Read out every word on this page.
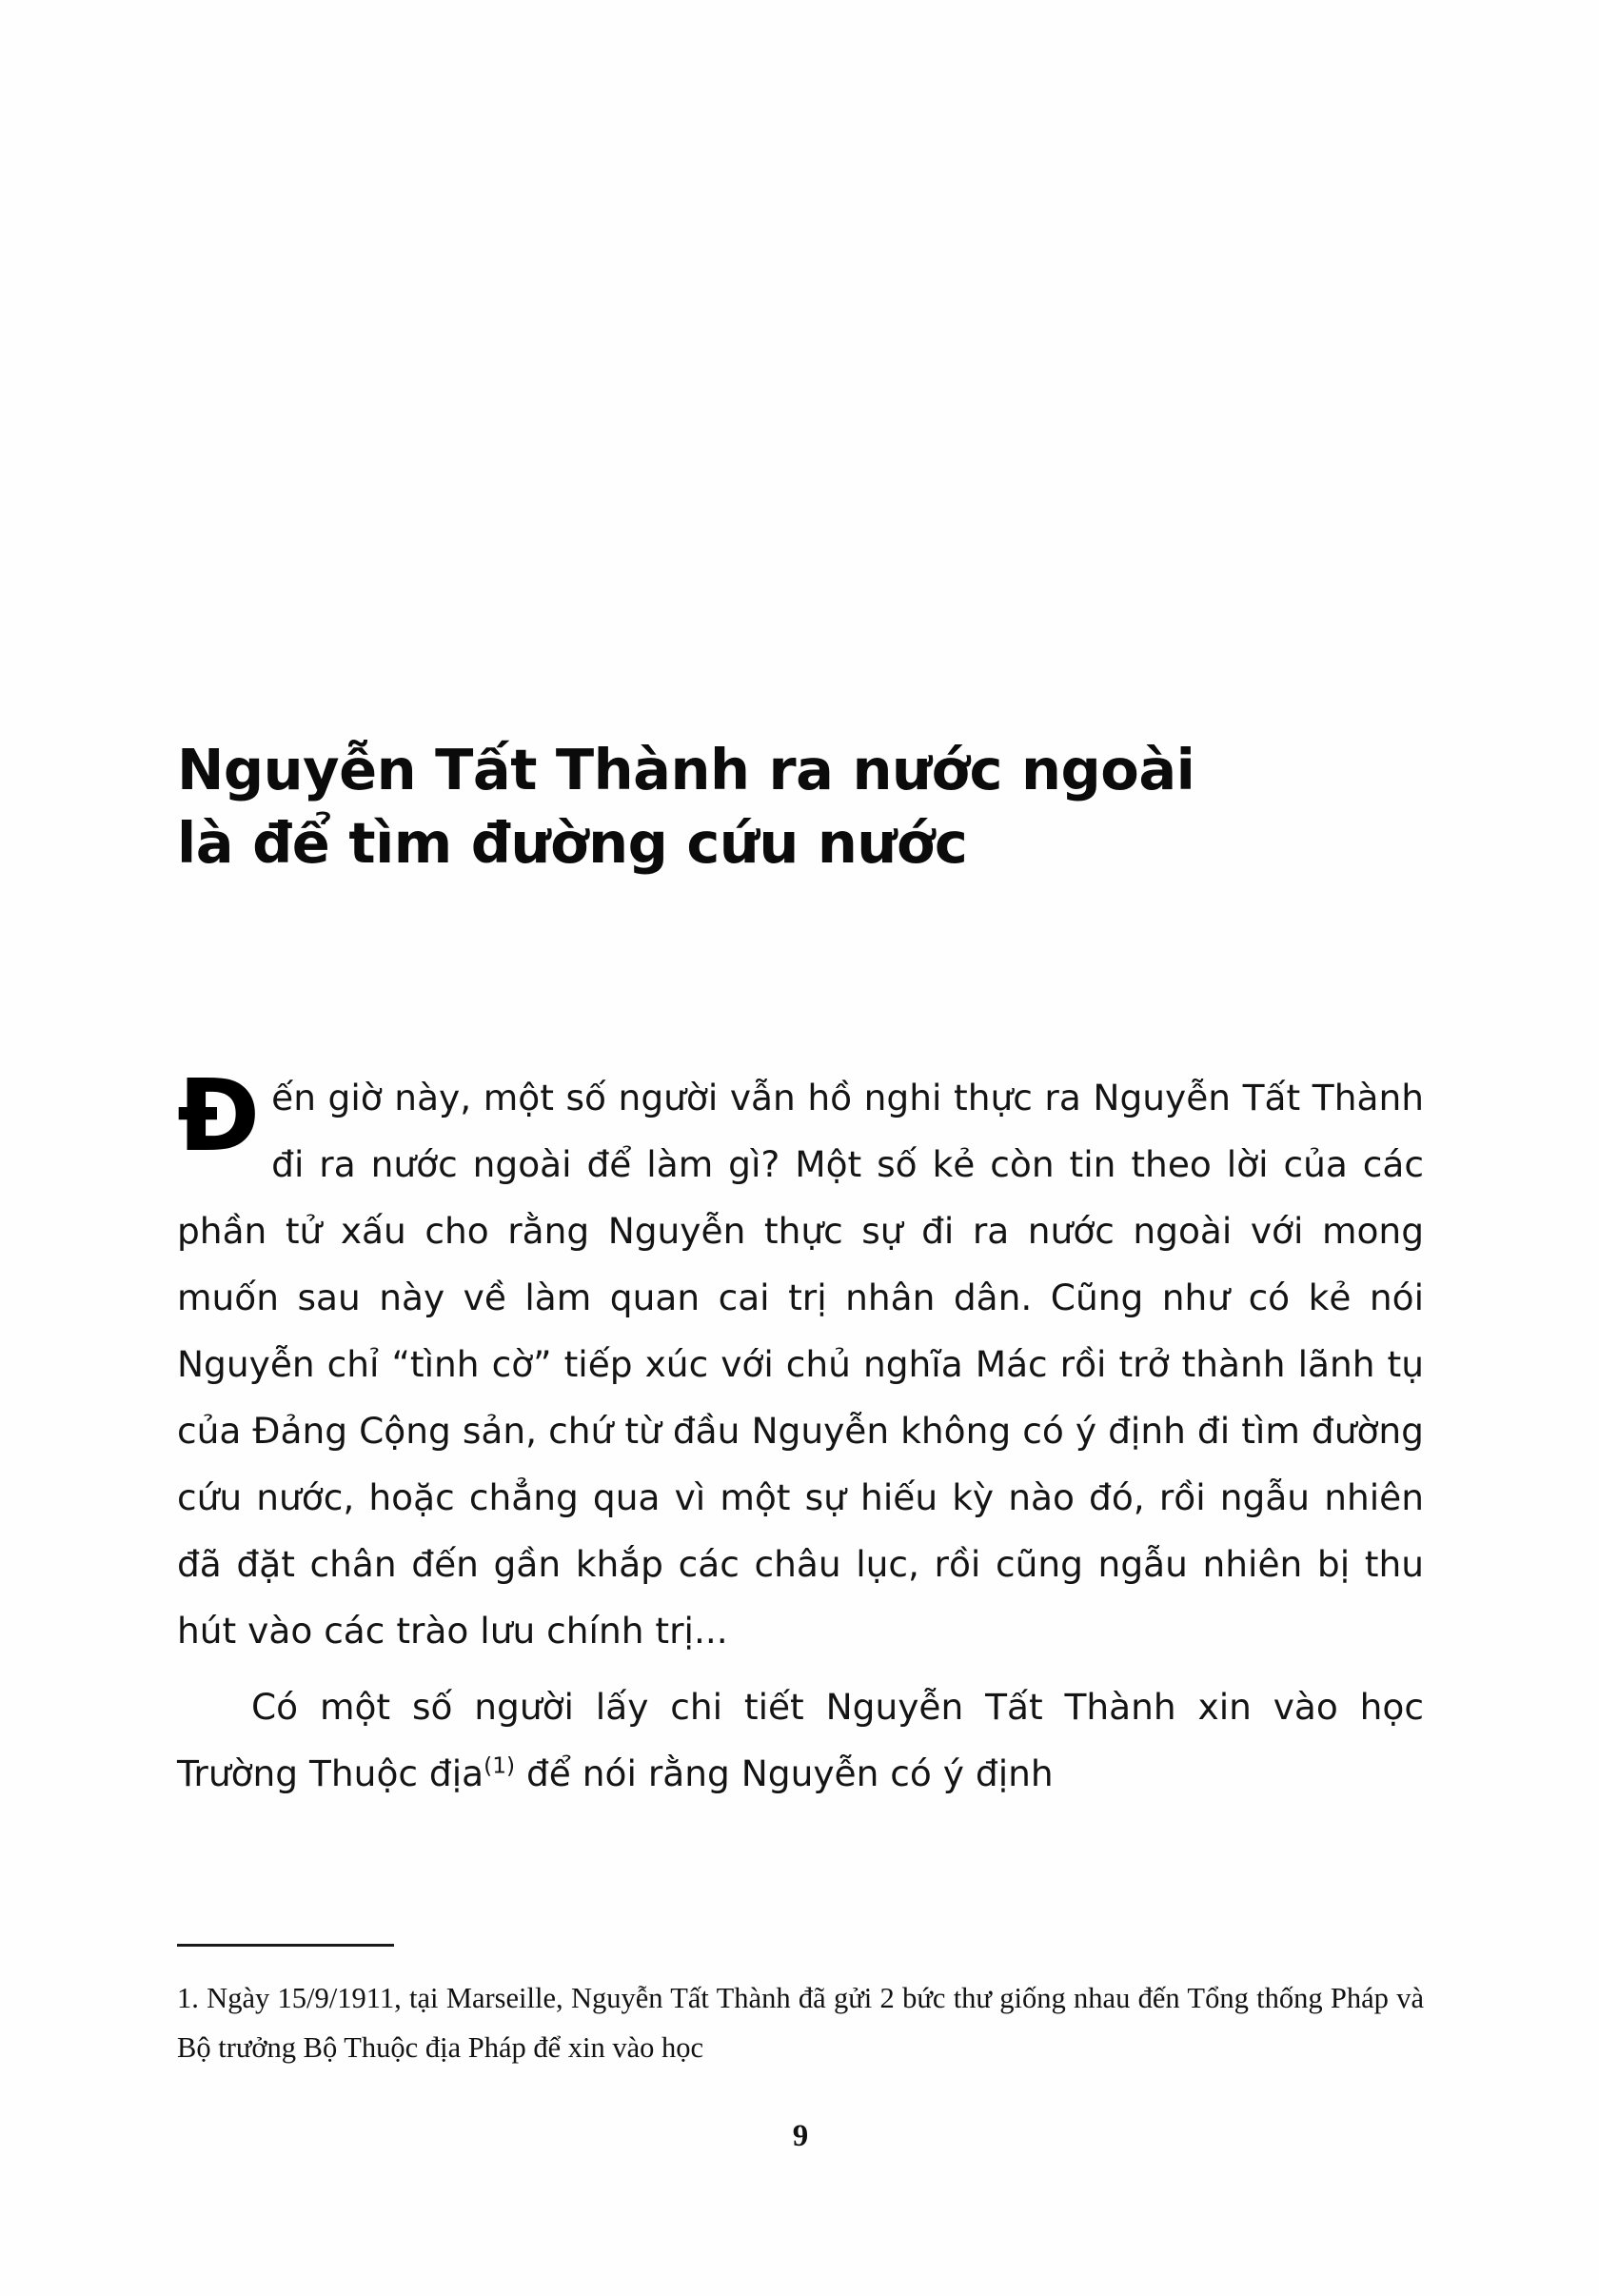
Nguyễn Tất Thành ra nước ngoài
là để tìm đường cứu nước

Đến giờ này, một số người vẫn hồ nghi thực ra Nguyễn Tất Thành đi ra nước ngoài để làm gì? Một số kẻ còn tin theo lời của các phần tử xấu cho rằng Nguyễn thực sự đi ra nước ngoài với mong muốn sau này về làm quan cai trị nhân dân. Cũng như có kẻ nói Nguyễn chỉ “tình cờ” tiếp xúc với chủ nghĩa Mác rồi trở thành lãnh tụ của Đảng Cộng sản, chứ từ đầu Nguyễn không có ý định đi tìm đường cứu nước, hoặc chẳng qua vì một sự hiếu kỳ nào đó, rồi ngẫu nhiên đã đặt chân đến gần khắp các châu lục, rồi cũng ngẫu nhiên bị thu hút vào các trào lưu chính trị...

Có một số người lấy chi tiết Nguyễn Tất Thành xin vào học Trường Thuộc địa$^{(1)}$ để nói rằng Nguyễn có ý định

1. Ngày 15/9/1911, tại Marseille, Nguyễn Tất Thành đã gửi 2 bức thư giống nhau đến Tổng thống Pháp và Bộ trưởng Bộ Thuộc địa Pháp để xin vào học
9
